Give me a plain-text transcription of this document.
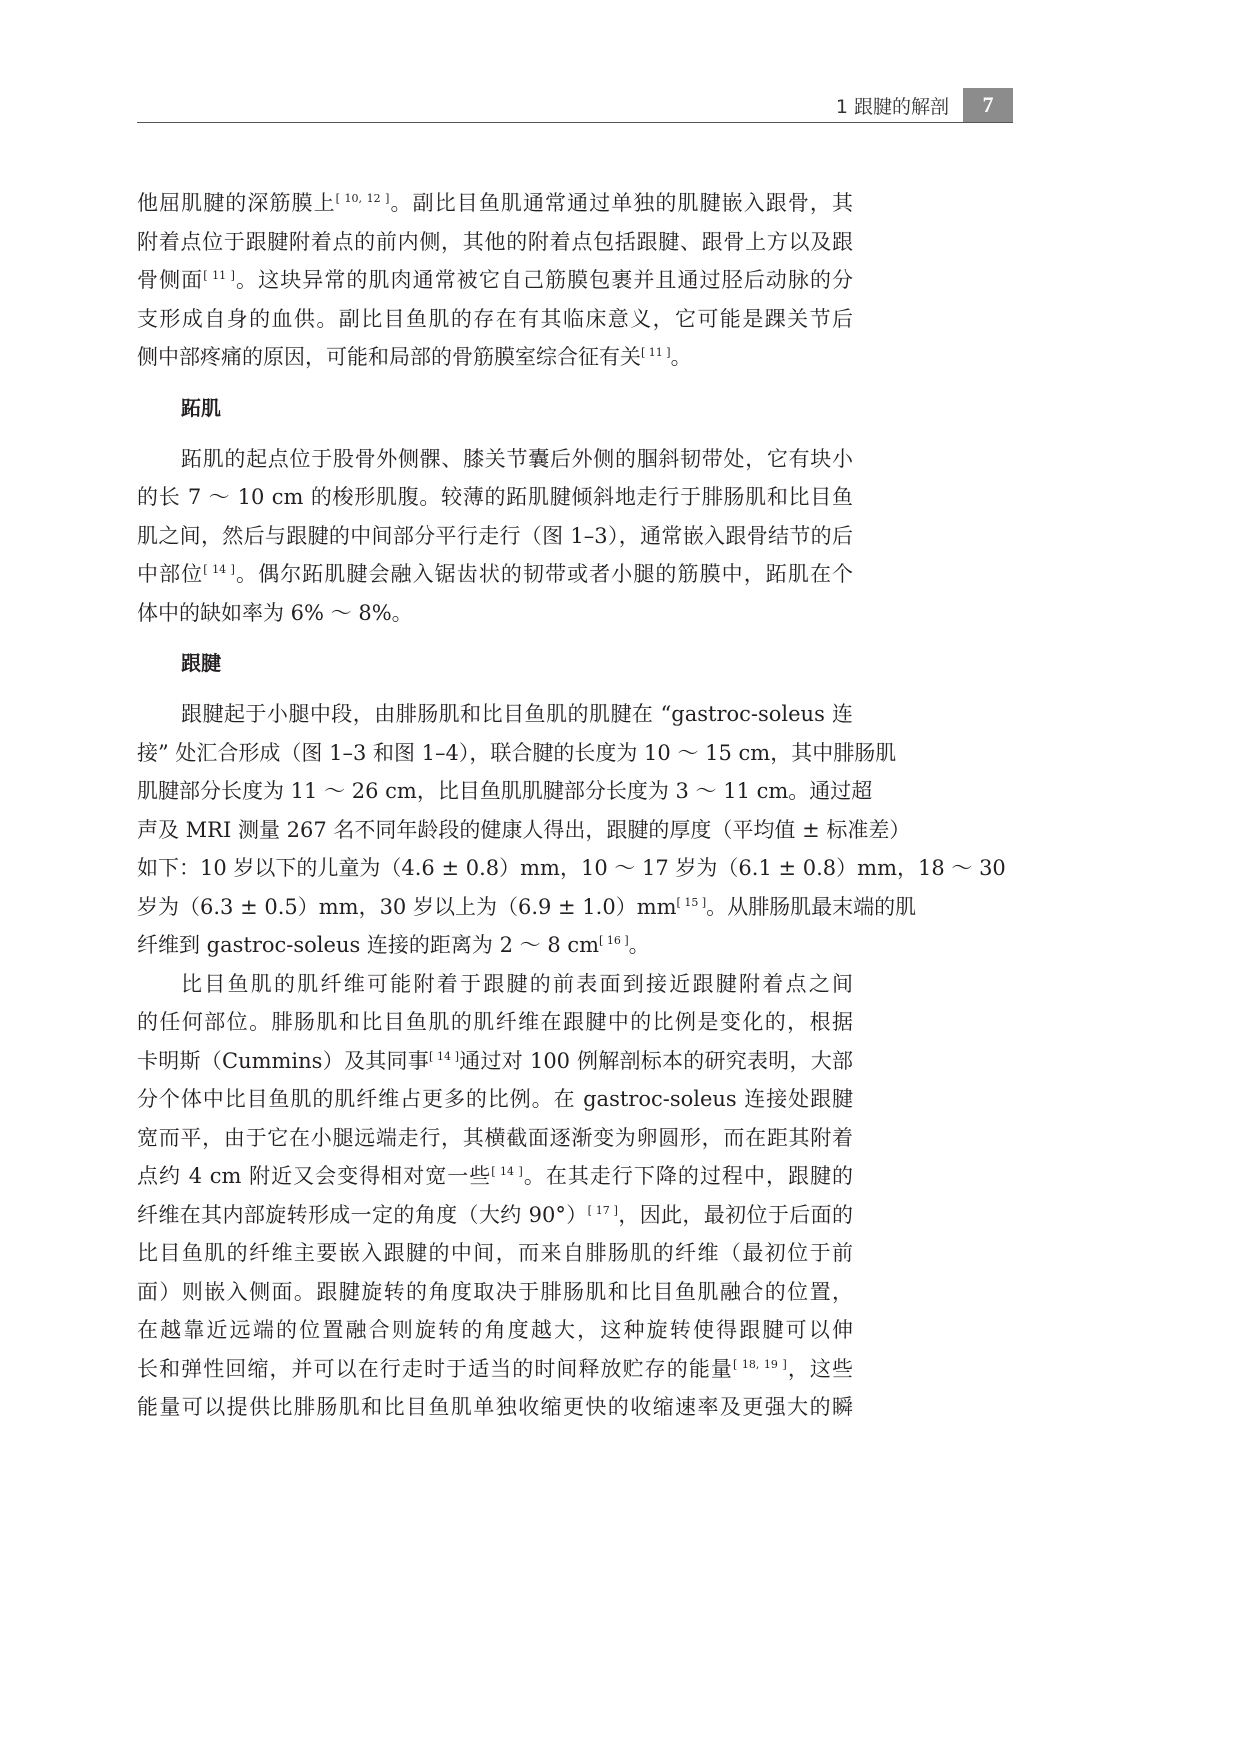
1 跟腱的解剖	7
他屈肌腱的深筋膜上[ 10, 12 ]。副比目鱼肌通常通过单独的肌腱嵌入跟骨，其
附着点位于跟腱附着点的前内侧，其他的附着点包括跟腱、跟骨上方以及跟
骨侧面[ 11 ]。这块异常的肌肉通常被它自己筋膜包裹并且通过胫后动脉的分
支形成自身的血供。副比目鱼肌的存在有其临床意义，它可能是踝关节后
侧中部疼痛的原因，可能和局部的骨筋膜室综合征有关[ 11 ]。
跖肌
跖肌的起点位于股骨外侧髁、膝关节囊后外侧的腘斜韧带处，它有块小
的长 7 ～ 10 cm 的梭形肌腹。较薄的跖肌腱倾斜地走行于腓肠肌和比目鱼
肌之间，然后与跟腱的中间部分平行走行（图 1–3），通常嵌入跟骨结节的后
中部位[ 14 ]。偶尔跖肌腱会融入锯齿状的韧带或者小腿的筋膜中，跖肌在个
体中的缺如率为 6% ～ 8%。
跟腱
跟腱起于小腿中段，由腓肠肌和比目鱼肌的肌腱在 “gastroc-soleus 连
接” 处汇合形成（图 1–3 和图 1–4），联合腱的长度为 10 ～ 15 cm，其中腓肠肌
肌腱部分长度为 11 ～ 26 cm，比目鱼肌肌腱部分长度为 3 ～ 11 cm。通过超
声及 MRI 测量 267 名不同年龄段的健康人得出，跟腱的厚度（平均值 ± 标准差）
如下：10 岁以下的儿童为（4.6 ± 0.8）mm，10 ～ 17 岁为（6.1 ± 0.8）mm，18 ～ 30
岁为（6.3 ± 0.5）mm，30 岁以上为（6.9 ± 1.0）mm[ 15 ]。从腓肠肌最末端的肌
纤维到 gastroc-soleus 连接的距离为 2 ～ 8 cm[ 16 ]。
比目鱼肌的肌纤维可能附着于跟腱的前表面到接近跟腱附着点之间
的任何部位。腓肠肌和比目鱼肌的肌纤维在跟腱中的比例是变化的，根据
卡明斯（Cummins）及其同事[ 14 ]通过对 100 例解剖标本的研究表明，大部
分个体中比目鱼肌的肌纤维占更多的比例。在 gastroc-soleus 连接处跟腱
宽而平，由于它在小腿远端走行，其横截面逐渐变为卵圆形，而在距其附着
点约 4 cm 附近又会变得相对宽一些[ 14 ]。在其走行下降的过程中，跟腱的
纤维在其内部旋转形成一定的角度（大约 90°）[ 17 ]，因此，最初位于后面的
比目鱼肌的纤维主要嵌入跟腱的中间，而来自腓肠肌的纤维（最初位于前
面）则嵌入侧面。跟腱旋转的角度取决于腓肠肌和比目鱼肌融合的位置，
在越靠近远端的位置融合则旋转的角度越大，这种旋转使得跟腱可以伸
长和弹性回缩，并可以在行走时于适当的时间释放贮存的能量[ 18, 19 ]，这些
能量可以提供比腓肠肌和比目鱼肌单独收缩更快的收缩速率及更强大的瞬
